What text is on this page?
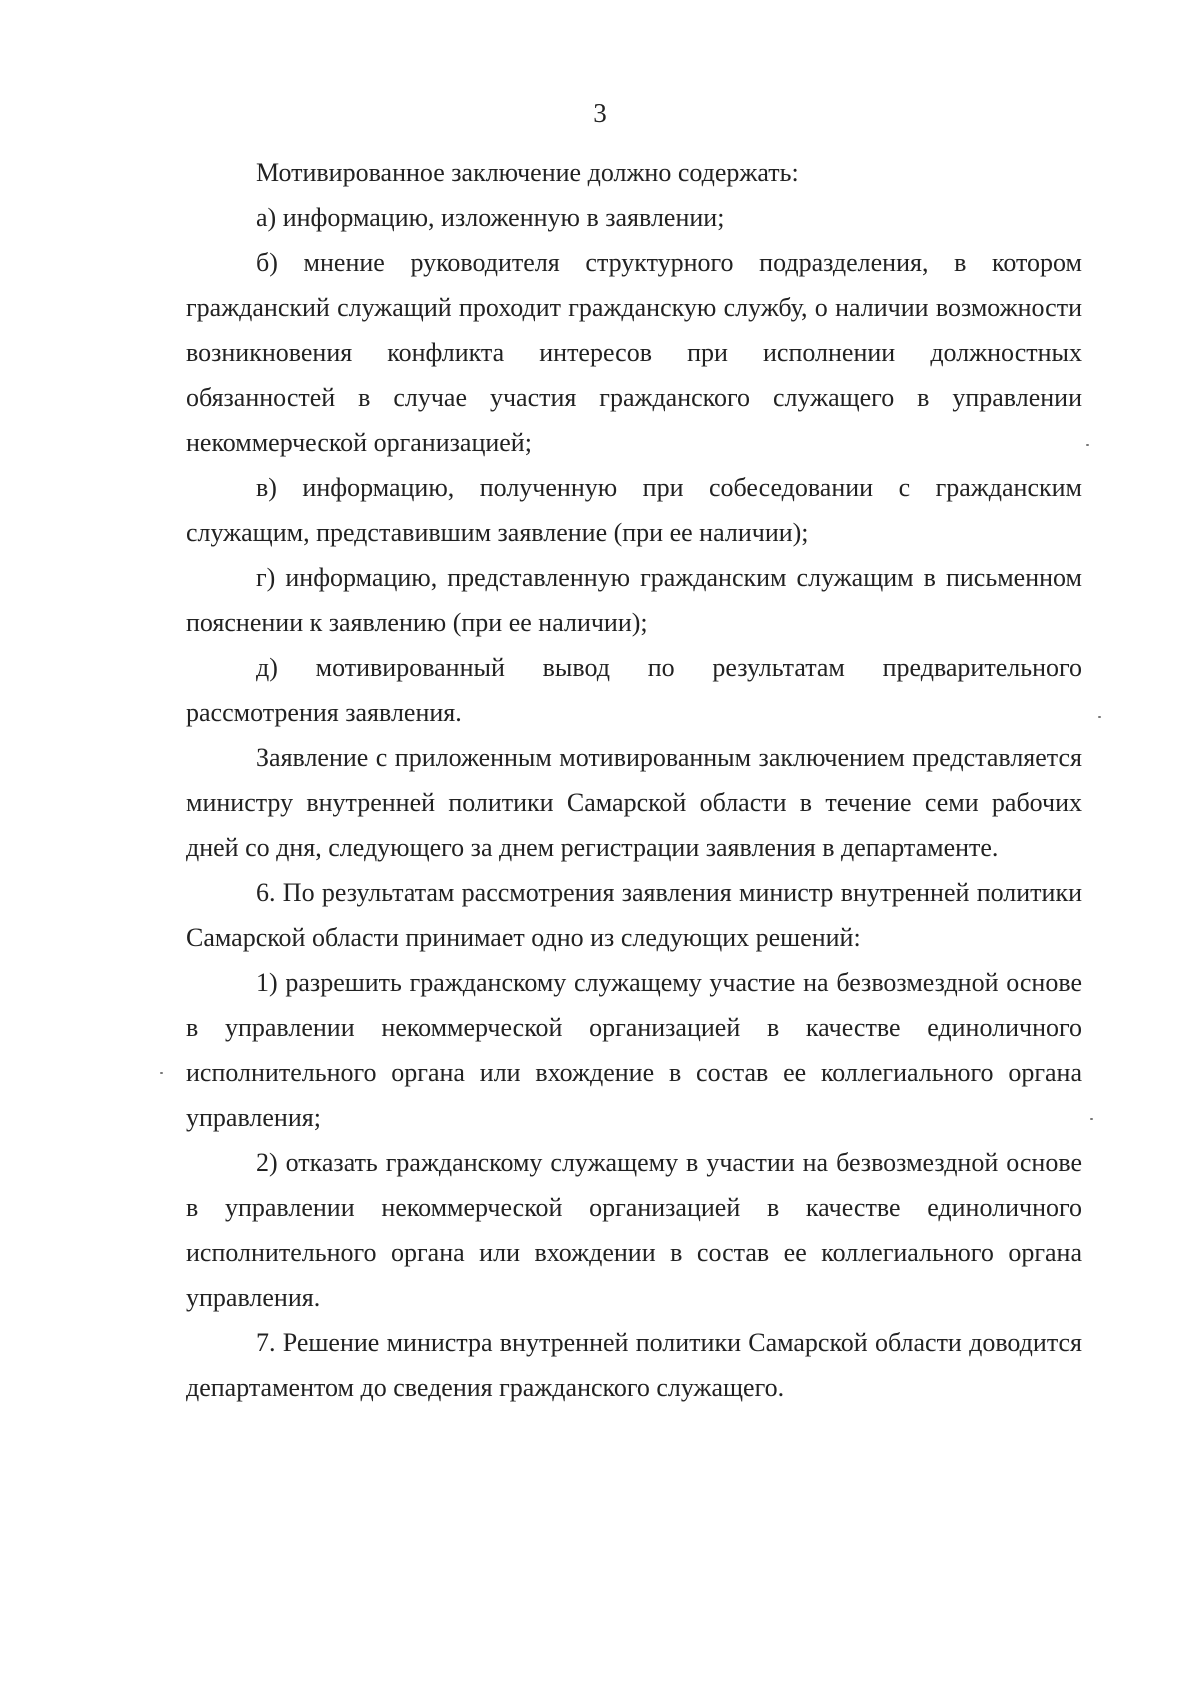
3

Мотивированное заключение должно содержать:

а) информацию, изложенную в заявлении;

б) мнение руководителя структурного подразделения, в котором гражданский служащий проходит гражданскую службу, о наличии возможности возникновения конфликта интересов при исполнении должностных обязанностей в случае участия гражданского служащего в управлении некоммерческой организацией;

в) информацию, полученную при собеседовании с гражданским служащим, представившим заявление (при ее наличии);

г) информацию, представленную гражданским служащим в письменном пояснении к заявлению (при ее наличии);

д) мотивированный вывод по результатам предварительного рассмотрения заявления.

Заявление с приложенным мотивированным заключением представляется министру внутренней политики Самарской области в течение семи рабочих дней со дня, следующего за днем регистрации заявления в департаменте.

6. По результатам рассмотрения заявления министр внутренней политики Самарской области принимает одно из следующих решений:

1) разрешить гражданскому служащему участие на безвозмездной основе в управлении некоммерческой организацией в качестве единоличного исполнительного органа или вхождение в состав ее коллегиального органа управления;

2) отказать гражданскому служащему в участии на безвозмездной основе в управлении некоммерческой организацией в качестве единоличного исполнительного органа или вхождении в состав ее коллегиального органа управления.

7. Решение министра внутренней политики Самарской области доводится департаментом до сведения гражданского служащего.
